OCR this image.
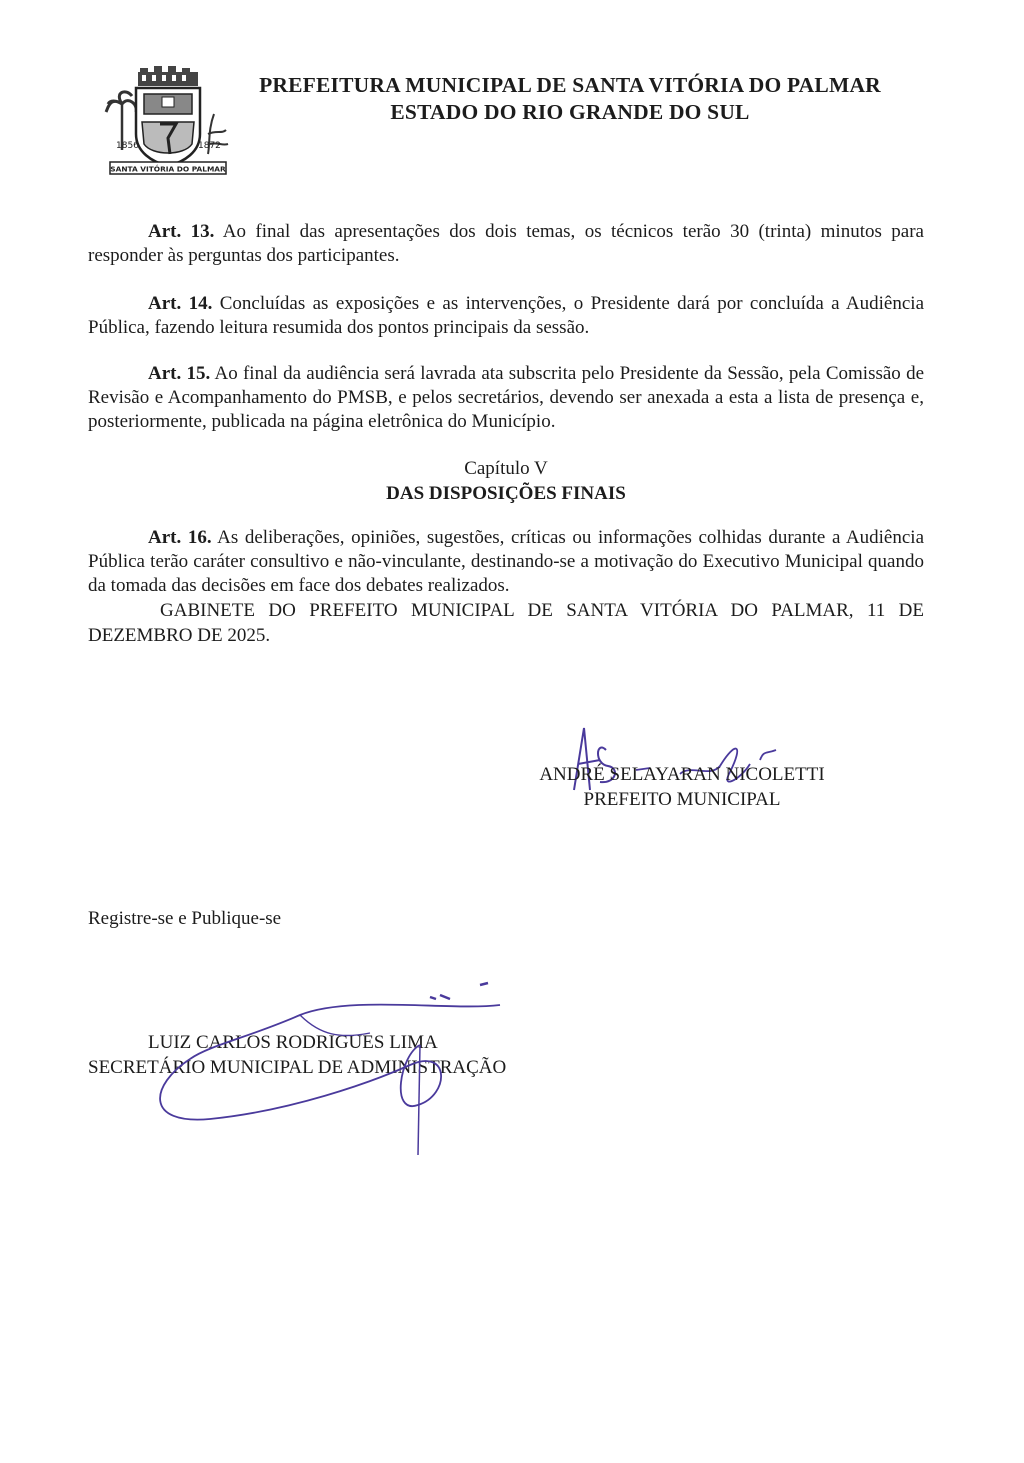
1856	1872
SANTA VITÓRIA DO PALMAR
PREFEITURA MUNICIPAL DE SANTA VITÓRIA DO PALMAR
ESTADO DO RIO GRANDE DO SUL

Art. 13. Ao final das apresentações dos dois temas, os técnicos terão 30 (trinta) minutos para responder às perguntas dos participantes.

Art. 14. Concluídas as exposições e as intervenções, o Presidente dará por concluída a Audiência Pública, fazendo leitura resumida dos pontos principais da sessão.

Art. 15. Ao final da audiência será lavrada ata subscrita pelo Presidente da Sessão, pela Comissão de Revisão e Acompanhamento do PMSB, e pelos secretários, devendo ser anexada a esta a lista de presença e, posteriormente, publicada na página eletrônica do Município.

Capítulo V
DAS DISPOSIÇÕES FINAIS

Art. 16. As deliberações, opiniões, sugestões, críticas ou informações colhidas durante a Audiência Pública terão caráter consultivo e não-vinculante, destinando-se a motivação do Executivo Municipal quando da tomada das decisões em face dos debates realizados.

GABINETE DO PREFEITO MUNICIPAL DE SANTA VITÓRIA DO PALMAR, 11 DE DEZEMBRO DE 2025.

ANDRÉ SELAYARAN NICOLETTI
PREFEITO MUNICIPAL
Registre-se e Publique-se
LUIZ CARLOS RODRIGUES LIMA
SECRETÁRIO MUNICIPAL DE ADMINISTRAÇÃO
